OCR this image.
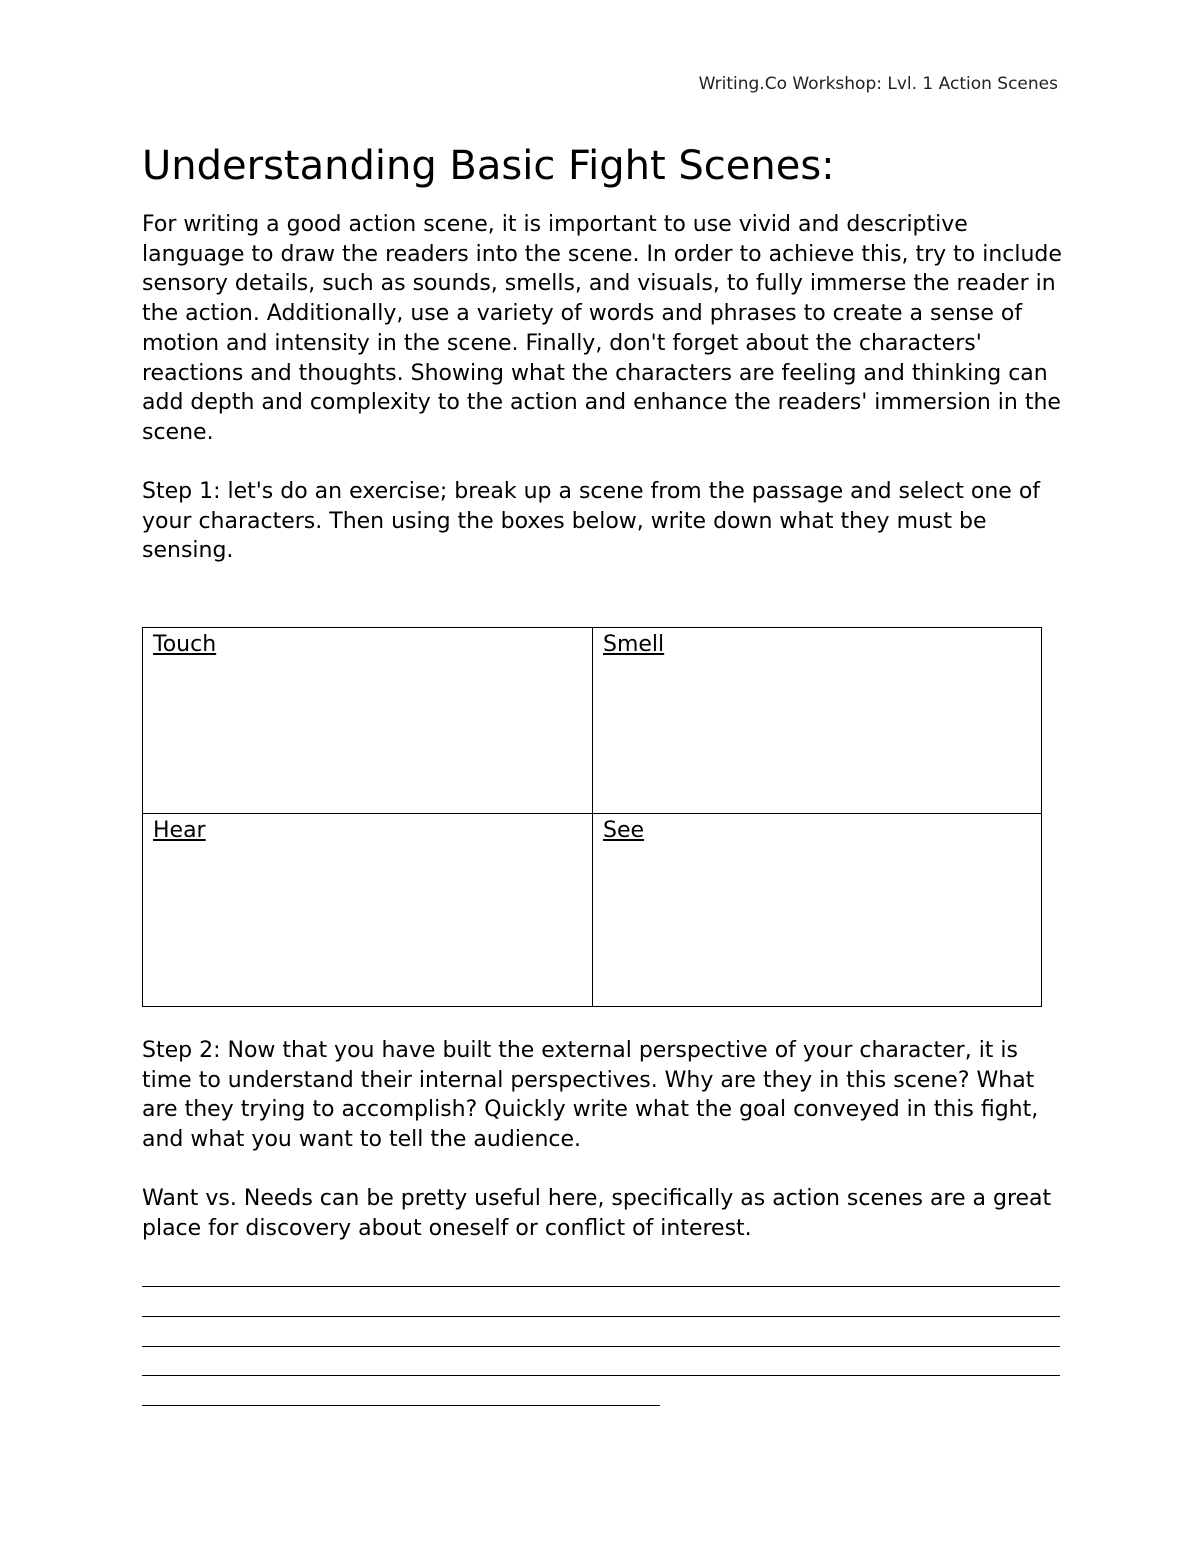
Writing.Co Workshop: Lvl. 1 Action Scenes
Understanding Basic Fight Scenes:

For writing a good action scene, it is important to use vivid and descriptive language to draw the readers into the scene. In order to achieve this, try to include sensory details, such as sounds, smells, and visuals, to fully immerse the reader in the action. Additionally, use a variety of words and phrases to create a sense of motion and intensity in the scene. Finally, don't forget about the characters' reactions and thoughts. Showing what the characters are feeling and thinking can add depth and complexity to the action and enhance the readers' immersion in the scene.

Step 1: let's do an exercise; break up a scene from the passage and select one of your characters. Then using the boxes below, write down what they must be sensing.

Touch	Smell

Hear	See

Step 2: Now that you have built the external perspective of your character, it is time to understand their internal perspectives. Why are they in this scene? What are they trying to accomplish? Quickly write what the goal conveyed in this fight, and what you want to tell the audience.

Want vs. Needs can be pretty useful here, specifically as action scenes are a great place for discovery about oneself or conflict of interest.
